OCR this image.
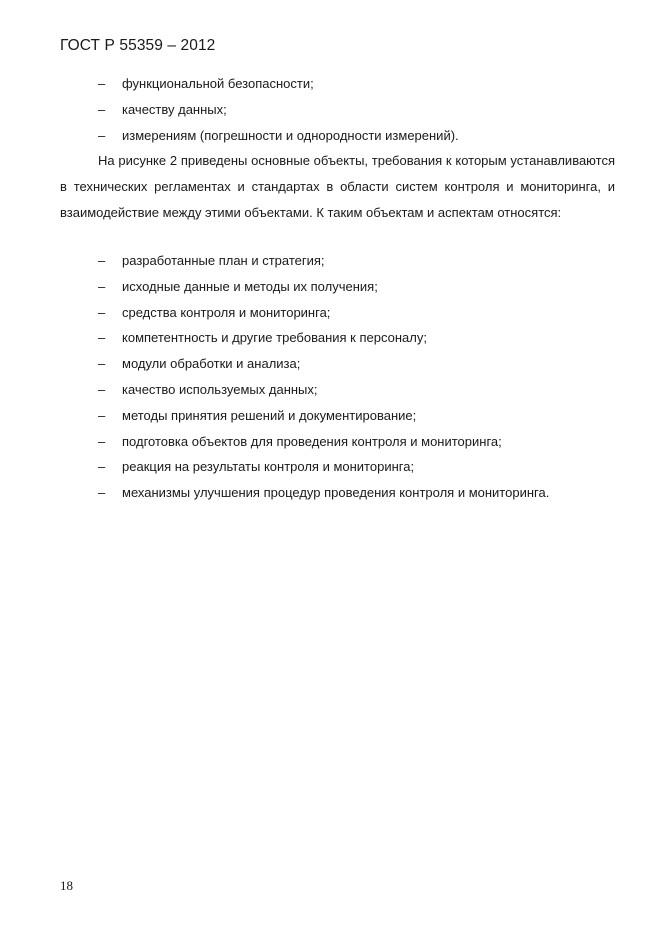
ГОСТ Р 55359 – 2012
– функциональной безопасности;
– качеству данных;
– измерениям (погрешности и однородности измерений).

На рисунке 2 приведены основные объекты, требования к которым устанавливаются в технических регламентах и стандартах в области систем контроля и мониторинга, и взаимодействие между этими объектами. К таким объектам и аспектам относятся:

– разработанные план и стратегия;
– исходные данные и методы их получения;
– средства контроля и мониторинга;
– компетентность и другие требования к персоналу;
– модули обработки и анализа;
– качество используемых данных;
– методы принятия решений и документирование;
– подготовка объектов для проведения контроля и мониторинга;
– реакция на результаты контроля и мониторинга;
– механизмы улучшения процедур проведения контроля и мониторинга.
18
